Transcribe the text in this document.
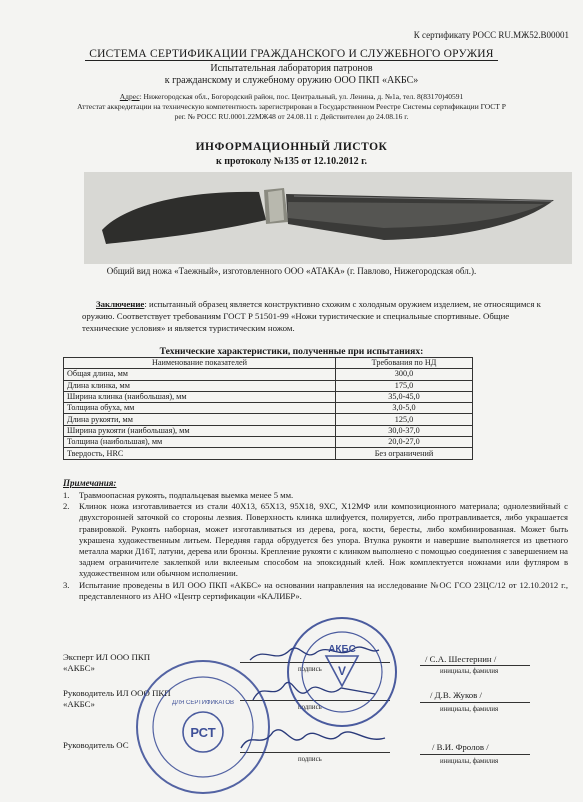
К сертификату РОСС RU.МЖ52.В00001
СИСТЕМА СЕРТИФИКАЦИИ ГРАЖДАНСКОГО И СЛУЖЕБНОГО ОРУЖИЯ
Испытательная лаборатория патронов
к гражданскому и служебному оружию ООО ПКП «АКБС»
Адрес: Нижегородская обл., Богородский район, пос. Центральный, ул. Ленина, д. №1а, тел. 8(83170)40591
Аттестат аккредитации на техническую компетентность зарегистрирован в Государственном Реестре Системы сертификации ГОСТ Р
рег. № РОСС RU.0001.22МЖ48 от 24.08.11 г. Действителен до 24.08.16 г.
ИНФОРМАЦИОННЫЙ ЛИСТОК
к протоколу №135 от 12.10.2012 г.
Общий вид ножа «Таежный», изготовленного ООО «АТАКА» (г. Павлово, Нижегородская обл.).
Заключение: испытанный образец является конструктивно схожим с холодным оружием изделием, не относящимся к оружию. Соответствует требованиям ГОСТ Р 51501-99 «Ножи туристические и специальные спортивные. Общие технические условия» и является туристическим ножом.
Технические характеристики, полученные при испытаниях:
Наименование показателей	Требования по НД
Общая длина, мм	300,0
Длина клинка, мм	175,0
Ширина клинка (наибольшая), мм	35,0-45,0
Толщина обуха, мм	3,0-5,0
Длина рукояти, мм	125,0
Ширина рукояти (наибольшая), мм	30,0-37,0
Толщина (наибольшая), мм	20,0-27,0
Твердость, HRC	Без ограничений
Примечания:
1.	Травмоопасная рукоять, подпальцевая выемка менее 5 мм.
2.	Клинок ножа изготавливается из стали 40Х13, 65Х13, 95Х18, 9ХС, Х12МФ или композиционного материала; однолезвийный с двухсторонней заточкой со стороны лезвия. Поверхность клинка шлифуется, полируется, либо протравливается, либо украшается гравировкой. Рукоять наборная, может изготавливаться из дерева, рога, кости, бересты, либо комбинированная. Может быть украшена художественным литьем. Передняя гарда обрудуется без упора. Втулка рукояти и навершие выполняется из цветного металла марки Д16Т, латуни, дерева или бронзы. Крепление рукояти с клинком выполнено с помощью соединения с завершением на заднем ограничителе заклепкой или вклееным способом на эпоксидный клей. Нож комплектуется ножнами или футляром в художественном или обычном исполнении.
3.	Испытание проведены в ИЛ ООО ПКП «АКБС» на основании направления на исследование №ОС ГСО 23ЦС/12 от 12.10.2012 г., представленного из АНО «Центр сертификации «КАЛИБР».
Эксперт ИЛ ООО ПКП
«АКБС»	подпись
/ С.А. Шестернин /
инициалы, фамилия
Руководитель ИЛ ООО ПКП
«АКБС»	подпись
/ Д.В. Жуков /
инициалы, фамилия
Руководитель ОС
подпись
/ В.И. Фролов /
инициалы, фамилия
АКБС
V
РСТ
ДЛЯ СЕРТИФИКАТОВ
